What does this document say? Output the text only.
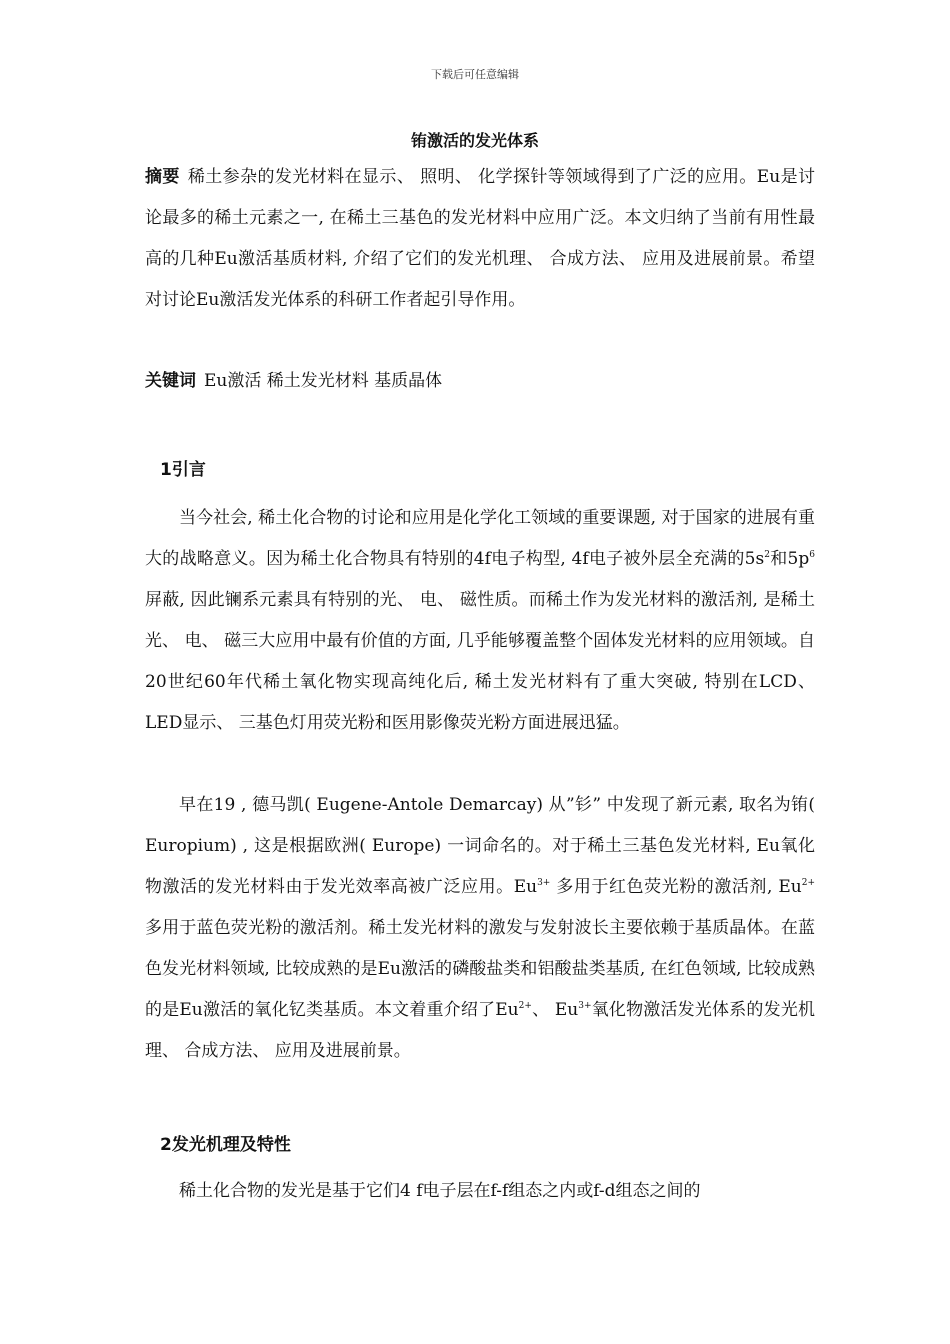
下载后可任意编辑
铕激活的发光体系
摘要 稀土参杂的发光材料在显示、 照明、 化学探针等领域得到了广泛的应用。Eu是讨论最多的稀土元素之一, 在稀土三基色的发光材料中应用广泛。本文归纳了当前有用性最高的几种Eu激活基质材料, 介绍了它们的发光机理、 合成方法、 应用及进展前景。希望对讨论Eu激活发光体系的科研工作者起引导作用。
关键词 Eu激活 稀土发光材料 基质晶体
1引言
当今社会, 稀土化合物的讨论和应用是化学化工领域的重要课题, 对于国家的进展有重大的战略意义。因为稀土化合物具有特别的4f电子构型, 4f电子被外层全充满的$5s^2$和$5p^6$屏蔽, 因此镧系元素具有特别的光、 电、 磁性质。而稀土作为发光材料的激活剂, 是稀土光、 电、 磁三大应用中最有价值的方面, 几乎能够覆盖整个固体发光材料的应用领域。自20世纪60年代稀土氧化物实现高纯化后, 稀土发光材料有了重大突破, 特别在LCD、 LED显示、 三基色灯用荧光粉和医用影像荧光粉方面进展迅猛。
早在19 , 德马凯( Eugene-Antole Demarcay) 从”钐” 中发现了新元素, 取名为铕( Europium) , 这是根据欧洲( Europe) 一词命名的。对于稀土三基色发光材料, Eu氧化物激活的发光材料由于发光效率高被广泛应用。$Eu^{3+}$ 多用于红色荧光粉的激活剂, $Eu^{2+}$ 多用于蓝色荧光粉的激活剂。稀土发光材料的激发与发射波长主要依赖于基质晶体。在蓝色发光材料领域, 比较成熟的是Eu激活的磷酸盐类和铝酸盐类基质, 在红色领域, 比较成熟的是Eu激活的氧化钇类基质。本文着重介绍了$Eu^{2+}$、 $Eu^{3+}$氧化物激活发光体系的发光机理、 合成方法、 应用及进展前景。
2发光机理及特性
稀土化合物的发光是基于它们4 f电子层在f-f组态之内或f-d组态之间的
